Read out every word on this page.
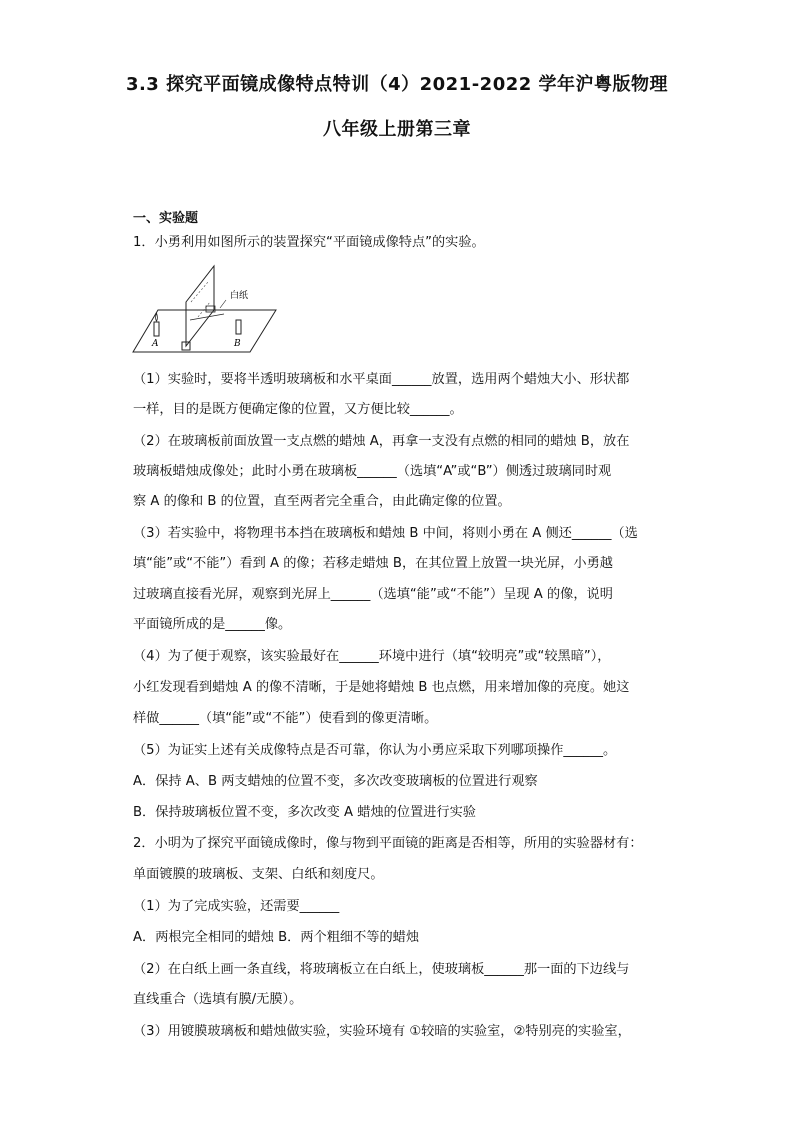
3.3 探究平面镜成像特点特训（4）2021-2022 学年沪粤版物理
八年级上册第三章
一、实验题
1．小勇利用如图所示的装置探究“平面镜成像特点”的实验。
白纸
A	B
（1）实验时，要将半透明玻璃板和水平桌面______放置，选用两个蜡烛大小、形状都
一样，目的是既方便确定像的位置，又方便比较______。
（2）在玻璃板前面放置一支点燃的蜡烛 A，再拿一支没有点燃的相同的蜡烛 B，放在
玻璃板蜡烛成像处；此时小勇在玻璃板______（选填“A”或“B”）侧透过玻璃同时观
察 A 的像和 B 的位置，直至两者完全重合，由此确定像的位置。
（3）若实验中，将物理书本挡在玻璃板和蜡烛 B 中间，将则小勇在 A 侧还______（选
填“能”或“不能”）看到 A 的像；若移走蜡烛 B，在其位置上放置一块光屏，小勇越
过玻璃直接看光屏，观察到光屏上______（选填“能”或“不能”）呈现 A 的像，说明
平面镜所成的是______像。
（4）为了便于观察，该实验最好在______环境中进行（填“较明亮”或“较黑暗”），
小红发现看到蜡烛 A 的像不清晰，于是她将蜡烛 B 也点燃，用来增加像的亮度。她这
样做______（填“能”或“不能”）使看到的像更清晰。
（5）为证实上述有关成像特点是否可靠，你认为小勇应采取下列哪项操作______。
A．保持 A、B 两支蜡烛的位置不变，多次改变玻璃板的位置进行观察
B．保持玻璃板位置不变，多次改变 A 蜡烛的位置进行实验
2．小明为了探究平面镜成像时，像与物到平面镜的距离是否相等，所用的实验器材有：
单面镀膜的玻璃板、支架、白纸和刻度尺。
（1）为了完成实验，还需要______
A．两根完全相同的蜡烛 B．两个粗细不等的蜡烛
（2）在白纸上画一条直线，将玻璃板立在白纸上，使玻璃板______那一面的下边线与
直线重合（选填有膜/无膜）。
（3）用镀膜玻璃板和蜡烛做实验，实验环境有 ①较暗的实验室，②特别亮的实验室，
